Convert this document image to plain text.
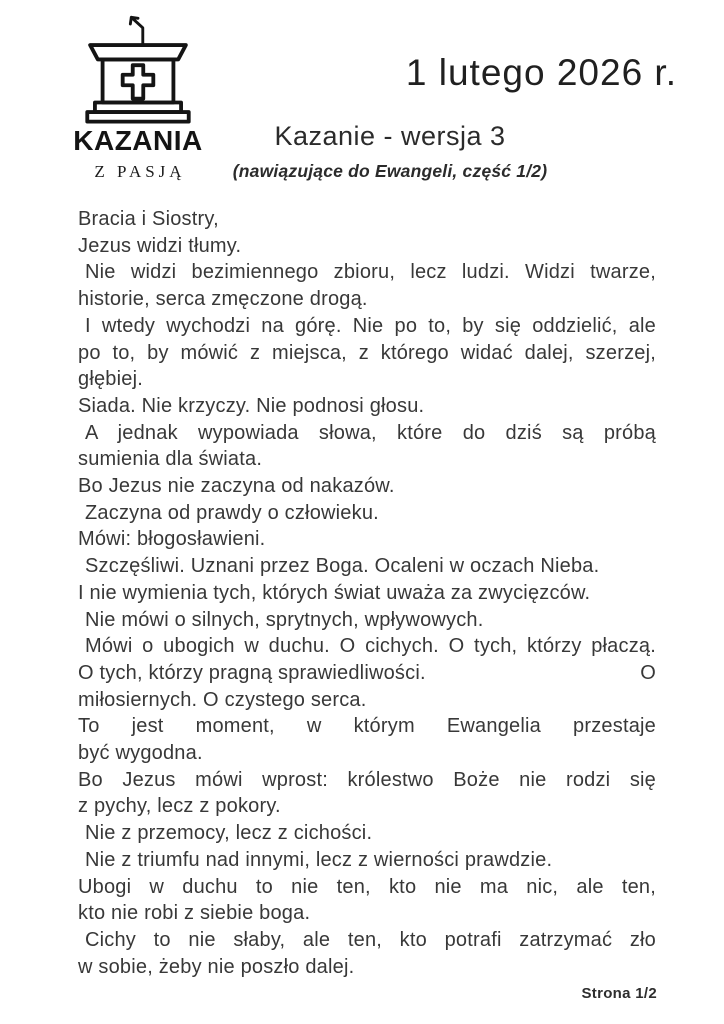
KAZANIA
Z PASJĄ
1 lutego 2026 r.
Kazanie - wersja 3
(nawiązujące do Ewangeli, część 1/2)
Bracia i Siostry,
Jezus widzi tłumy.
Nie widzi bezimiennego zbioru, lecz ludzi. Widzi twarze,
historie, serca zmęczone drogą.
I wtedy wychodzi na górę. Nie po to, by się oddzielić, ale
po to, by mówić z miejsca, z którego widać dalej, szerzej,
głębiej.
Siada. Nie krzyczy. Nie podnosi głosu.
A jednak wypowiada słowa, które do dziś są próbą
sumienia dla świata.
Bo Jezus nie zaczyna od nakazów.
Zaczyna od prawdy o człowieku.
Mówi: błogosławieni.
Szczęśliwi. Uznani przez Boga. Ocaleni w oczach Nieba.
I nie wymienia tych, których świat uważa za zwycięzców.
Nie mówi o silnych, sprytnych, wpływowych.
Mówi o ubogich w duchu. O cichych. O tych, którzy płaczą.
O tych, którzy pragną sprawiedliwości.	O
miłosiernych. O czystego serca.
To jest moment, w którym Ewangelia przestaje
być wygodna.
Bo Jezus mówi wprost: królestwo Boże nie rodzi się
z pychy, lecz z pokory.
Nie z przemocy, lecz z cichości.
Nie z triumfu nad innymi, lecz z wierności prawdzie.
Ubogi w duchu to nie ten, kto nie ma nic, ale ten,
kto nie robi z siebie boga.
Cichy to nie słaby, ale ten, kto potrafi zatrzymać zło
w sobie, żeby nie poszło dalej.
Strona 1/2
